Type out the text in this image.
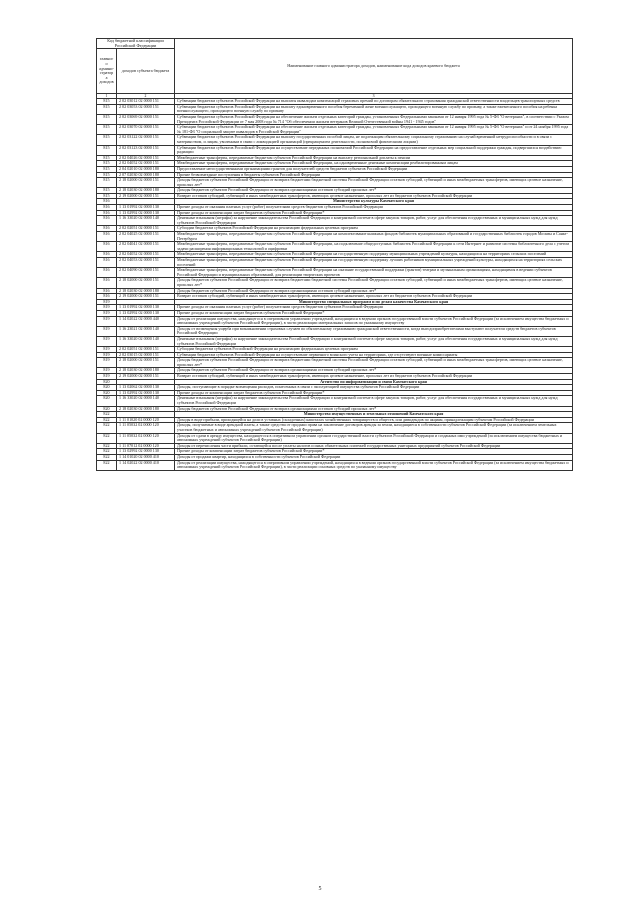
Код бюджетной классификации Российской Федерации		Наименование главного администратора доходов, наименование кода доходов краевого бюджета
главного админи- стратора доходов	доходов субъекта бюджета	
1	2	3
815	2 02 03012 02 0000 151	Субвенции бюджетам субъектов Российской Федерации на выплаты инвалидам компенсаций страховых премий по договорам обязательного страхования гражданской ответственности владельцев транспортных средств
815	2 02 03053 02 0000 151	Субвенции бюджетам субъектов Российской Федерации на выплату единовременного пособия беременной жене военнослужащего, проходящего военную службу по призыву, а также ежемесячного пособия на ребенка военнослужащего, проходящего военную службу по призыву
815	2 02 03069 02 0000 151	Субвенции бюджетам субъектов Российской Федерации на обеспечение жильем отдельных категорий граждан, установленных Федеральными законами от 12 января 1995 года № 5-ФЗ "О ветеранах", в соответствии с Указом Президента Российской Федерации от 7 мая 2008 года № 714 "Об обеспечении жильем ветеранов Великой Отечественной войны 1941 - 1945 годов"
815	2 02 03070 02 0000 151	Субвенции бюджетам субъектов Российской Федерации на обеспечение жильем отдельных категорий граждан, установленных Федеральными законами от 12 января 1995 года № 5-ФЗ "О ветеранах" и от 24 ноября 1995 года № 181-ФЗ "О социальной защите инвалидов в Российской Федерации"
815	2 02 03122 02 0000 151	Субвенции бюджетам субъектов Российской Федерации на выплату государственных пособий лицам, не подлежащим обязательному социальному страхованию на случай временной нетрудоспособности и в связи с материнством, и лицам, уволенным в связи с ликвидацией организаций (прекращением деятельности, полномочий физическими лицами)
815	2 02 03123 02 0000 151	Субвенции бюджетам субъектов Российской Федерации на осуществление переданных полномочий Российской Федерации на предоставление отдельных мер социальной поддержки граждан, подвергшихся воздействию радиации
815	2 02 04026 02 0000 151	Межбюджетные трансферты, передаваемые бюджетам субъектов Российской Федерации на выплату региональной доплаты к пенсии
815	2 02 04052 02 0000 151	Межбюджетные трансферты, передаваемые бюджетам субъектов Российской Федерации, на одновременные денежные компенсации реабилитированным лицам
815	2 04 02010 02 0000 180	Предоставление негосударственными организациями грантов для получателей средств бюджетов субъектов Российской Федерации
815	2 07 02030 02 0000 180	Прочие безвозмездные поступления в бюджеты субъектов Российской Федерации
815	2 18 02000 02 0000 151	Доходы бюджетов субъектов Российской Федерации от возврата бюджетами бюджетной системы Российской Федерации остатков субсидий, субвенций и иных межбюджетных трансфертов, имеющих целевое назначение, прошлых лет*
815	2 18 02030 02 0000 180	Доходы бюджетов субъектов Российской Федерации от возврата организациями остатков субсидий прошлых лет*
815	2 19 02000 02 0000 151	Возврат остатков субсидий, субвенций и иных межбюджетных трансфертов, имеющих целевое назначение, прошлых лет из бюджетов субъектов Российской Федерации
816		Министерство культуры Камчатского края
816	1 13 01992 02 0000 130	Прочие доходы от оказания платных услуг (работ) получателями средств бюджетов субъектов Российской Федерации
816	1 13 02992 02 0000 130	Прочие доходы от компенсации затрат бюджетов субъектов Российской Федерации*
816	1 16 33020 02 0000 140	Денежные взыскания (штрафы) за нарушение законодательства Российской Федерации о контрактной системе в сфере закупок товаров, работ, услуг для обеспечения государственных и муниципальных нужд для нужд субъектов Российской Федерации
816	2 02 02051 02 0000 151	Субсидии бюджетам субъектов Российской Федерации на реализацию федеральных целевых программ
816	2 02 04025 02 0000 151	Межбюджетные трансферты, передаваемые бюджетам субъектов Российской Федерации на комплектование книжных фондов библиотек муниципальных образований и государственных библиотек городов Москвы и Санкт-Петербурга
816	2 02 04041 02 0000 151	Межбюджетные трансферты, передаваемые бюджетам субъектов Российской Федерации, на подключение общедоступных библиотек Российской Федерации к сети Интернет и развитие системы библиотечного дела с учетом задачи расширения информационных технологий и оцифровки
816	2 02 04052 02 0000 151	Межбюджетные трансферты, передаваемые бюджетам субъектов Российской Федерации на государственную поддержку муниципальных учреждений культуры, находящихся на территориях сельских поселений
816	2 02 04053 02 0000 151	Межбюджетные трансферты, передаваемые бюджетам субъектов Российской Федерации на государственную поддержку лучших работников муниципальных учреждений культуры, находящихся на территориях сельских поселений
816	2 02 04090 02 0000 151	Межбюджетные трансферты, передаваемые бюджетам субъектов Российской Федерации на оказание государственной поддержки (грантов) театрам и музыкальным организациям, находящимся в ведении субъектов Российской Федерации и муниципальных образований, для реализации творческих проектов
816	2 18 02000 02 0000 151	Доходы бюджетов субъектов Российской Федерации от возврата бюджетами бюджетной системы Российской Федерации остатков субсидий, субвенций и иных межбюджетных трансфертов, имеющих целевое назначение, прошлых лет*
816	2 18 02030 02 0000 180	Доходы бюджетов субъектов Российской Федерации от возврата организациями остатков субсидий прошлых лет*
816	2 19 02000 02 0000 151	Возврат остатков субсидий, субвенций и иных межбюджетных трансфертов, имеющих целевое назначение, прошлых лет из бюджетов субъектов Российской Федерации
819		Министерство специальных программ и по делам казачества Камчатского края
819	1 13 01992 02 0000 130	Прочие доходы от оказания платных услуг (работ) получателями средств бюджетов субъектов Российской Федерации
819	1 13 02992 02 0000 130	Прочие доходы от компенсации затрат бюджетов субъектов Российской Федерации*
819	1 14 02022 02 0000 440	Доходы от реализации имущества, находящегося в оперативном управлении учреждений, находящихся в ведении органов государственной власти субъектов Российской Федерации (за исключением имущества бюджетных и автономных учреждений субъектов Российской Федерации), в части реализации материальных запасов по указанному имуществу
819	1 16 23021 02 0000 140	Доходы от возмещения ущерба при возникновении страховых случаев по обязательному страхованию гражданской ответственности, когда выгодоприобретателями выступают получатели средств бюджетов субъектов Российской Федерации
819	1 16 33020 02 0000 140	Денежные взыскания (штрафы) за нарушение законодательства Российской Федерации о контрактной системе в сфере закупок товаров, работ, услуг для обеспечения государственных и муниципальных нужд для нужд субъектов Российской Федерации
819	2 02 02051 02 0000 151	Субсидии бюджетам субъектов Российской Федерации на реализацию федеральных целевых программ
819	2 02 03015 02 0000 151	Субвенции бюджетам субъектов Российской Федерации на осуществление первичного воинского учета на территориях, где отсутствуют военные комиссариаты
819	2 18 02000 02 0000 151	Доходы бюджетов субъектов Российской Федерации от возврата бюджетами бюджетной системы Российской Федерации остатков субсидий, субвенций и иных межбюджетных трансфертов, имеющих целевое назначение, прошлых лет*
819	2 18 02030 02 0000 180	Доходы бюджетов субъектов Российской Федерации от возврата организациями остатков субсидий прошлых лет*
819	2 19 02000 02 0000 151	Возврат остатков субсидий, субвенций и иных межбюджетных трансфертов, имеющих целевое назначение, прошлых лет из бюджетов субъектов Российской Федерации
820		Агентство по информатизации и связи Камчатского края
820	1 13 02062 02 0000 130	Доходы, поступающие в порядке возмещения расходов, понесенных в связи с эксплуатацией имущества субъектов Российской Федерации
820	1 13 02992 02 0000 130	Прочие доходы от компенсации затрат бюджетов субъектов Российской Федерации*
820	1 16 33020 02 0000 140	Денежные взыскания (штрафы) за нарушение законодательства Российской Федерации о контрактной системе в сфере закупок товаров, работ, услуг для обеспечения государственных и муниципальных нужд для нужд субъектов Российской Федерации
820	2 18 02030 02 0000 180	Доходы бюджетов субъектов Российской Федерации от возврата организациями остатков субсидий прошлых лет*
822		Министерство имущественных и земельных отношений Камчатского края
822	1 11 01020 02 0000 120	Доходы в виде прибыли, приходящейся на доли в уставных (складочных) капиталах хозяйственных товариществ и обществ, или дивидендов по акциям, принадлежащим субъектам Российской Федерации
822	1 11 05032 02 0000 120	Доходы, получаемые в виде арендной платы, а также средства от продажи права на заключение договоров аренды за земли, находящиеся в собственности субъектов Российской Федерации (за исключением земельных участков бюджетных и автономных учреждений субъектов Российской Федерации)
822	1 11 05032 02 0000 120	Доходы от сдачи в аренду имущества, находящегося в оперативном управлении органов государственной власти субъектов Российской Федерации и созданных ими учреждений (за исключением имущества бюджетных и автономных учреждений субъектов Российской Федерации)
822	1 11 07012 02 0000 120	Доходы от перечисления части прибыли, остающейся после уплаты налогов и иных обязательных платежей государственных унитарных предприятий субъектов Российской Федерации
822	1 13 02992 02 0000 130	Прочие доходы от компенсации затрат бюджетов субъектов Российской Федерации*
822	1 14 01020 02 0000 410	Доходы от продажи квартир, находящихся в собственности субъектов Российской Федерации
822	1 14 02022 02 0000 410	Доходы от реализации имущества, находящегося в оперативном управлении учреждений, находящихся в ведении органов государственной власти субъектов Российской Федерации (за исключением имущества бюджетных и автономных учреждений субъектов Российской Федерации), в части реализации основных средств по указанному имуществу
5
